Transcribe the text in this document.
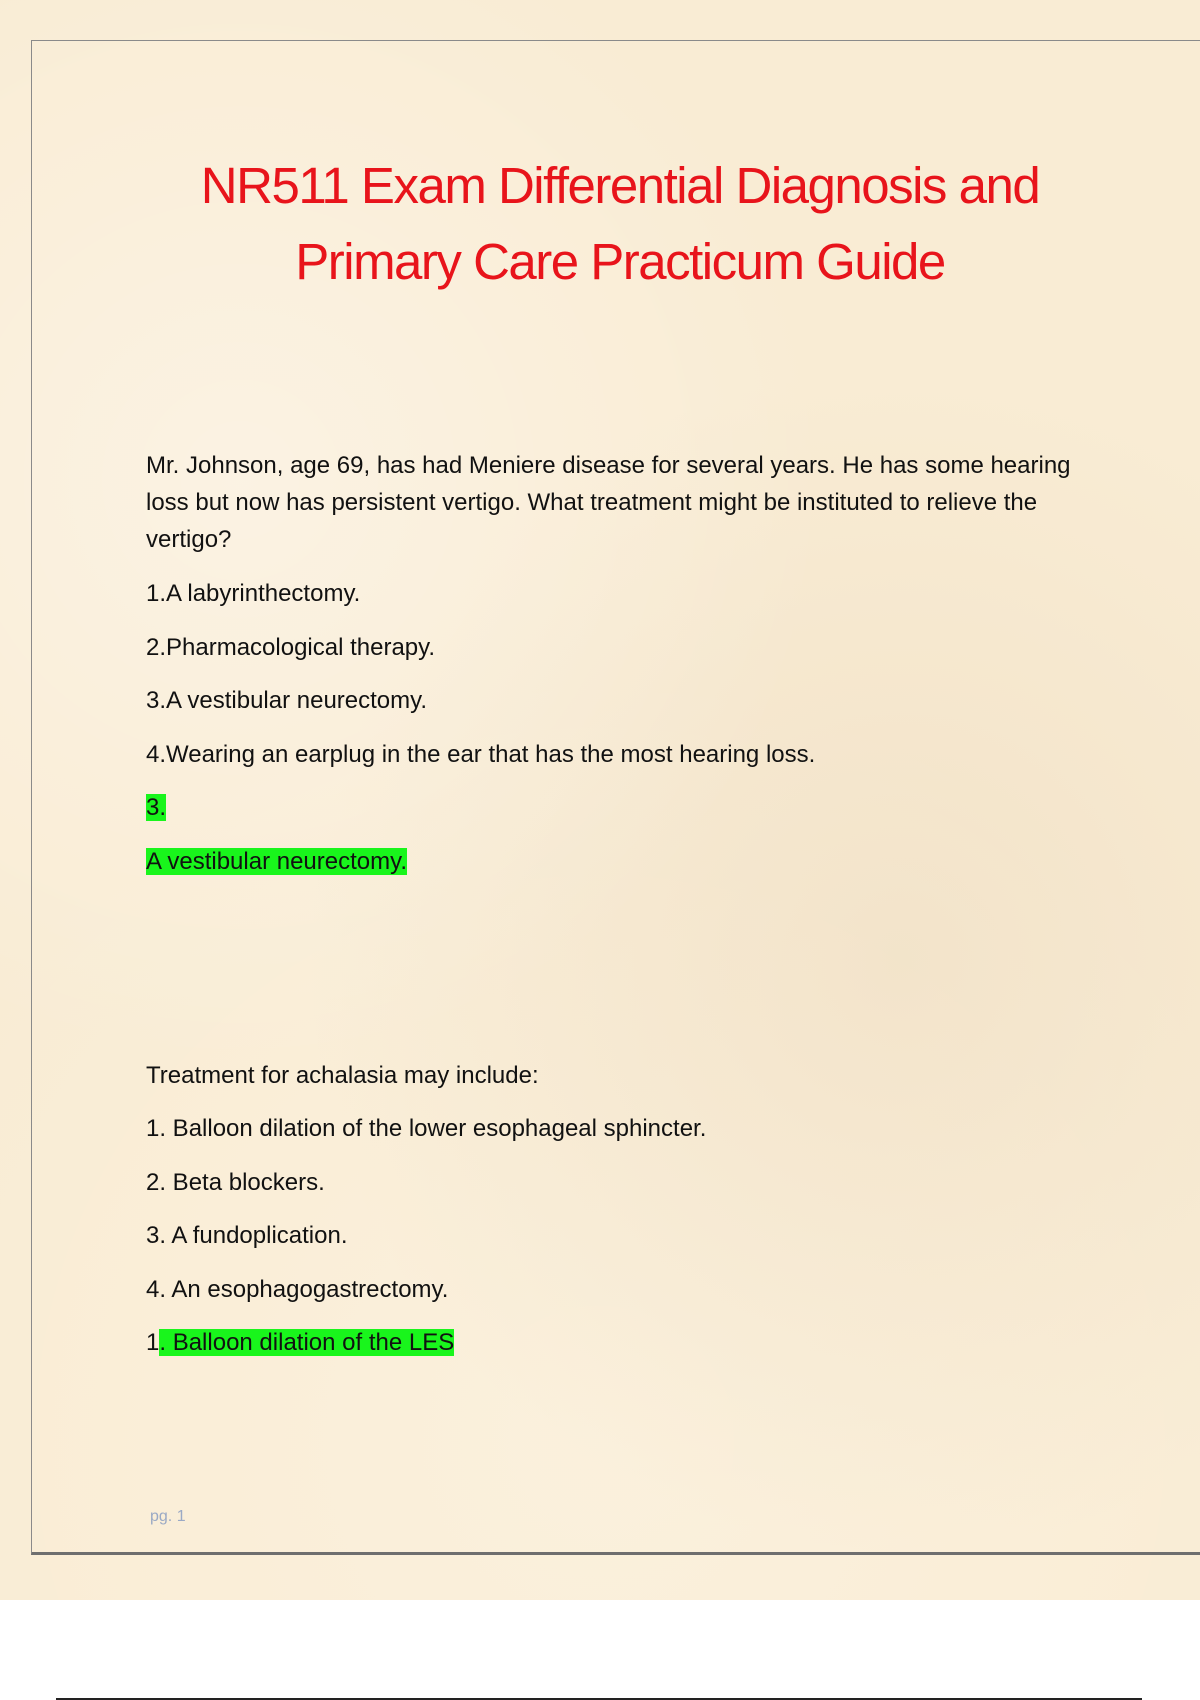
NR511 Exam Differential Diagnosis and Primary Care Practicum Guide

Mr. Johnson, age 69, has had Meniere disease for several years. He has some hearing loss but now has persistent vertigo. What treatment might be instituted to relieve the vertigo?

1.A labyrinthectomy.

2.Pharmacological therapy.

3.A vestibular neurectomy.

4.Wearing an earplug in the ear that has the most hearing loss.

3.

A vestibular neurectomy.

Treatment for achalasia may include:

1. Balloon dilation of the lower esophageal sphincter.

2. Beta blockers.

3. A fundoplication.

4. An esophagogastrectomy.

1. Balloon dilation of the LES

pg. 1
